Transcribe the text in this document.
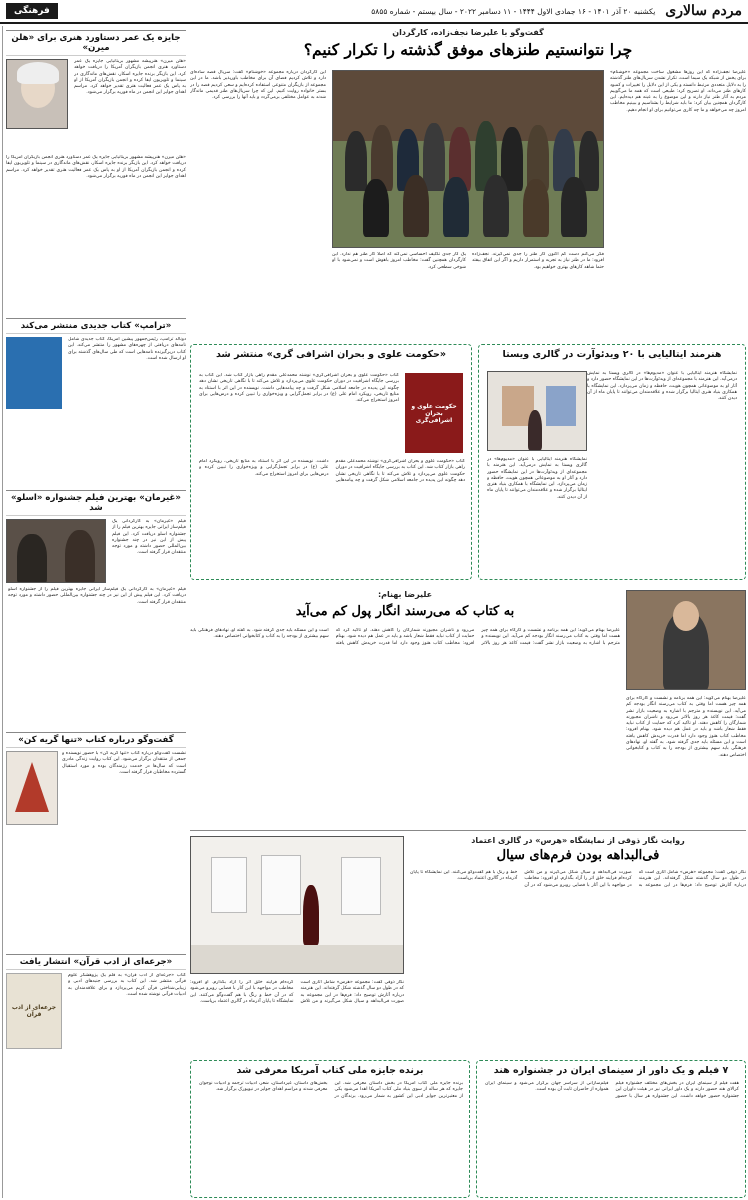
مردم سالاری
یکشنبه ۲۰ آذر ۱۴۰۱ - ۱۶ جمادی الاول ۱۴۴۴ - ۱۱ دسامبر ۲۰۲۲ - سال بیستم - شماره ۵۸۵۵
فرهنگی
گفت‌وگو با علیرضا نجف‌زاده، کارگردان
چرا نتوانستیم طنزهای موفق گذشته را تکرار کنیم؟
علیرضا نجف‌زاده که این روزها مشغول ساخت مجموعه «خوشنام» برای پخش از شبکه یک سیما است، تکرار نشدن سریال‌های طنز گذشته را به دلایل متعددی مرتبط دانسته و یکی از این دلایل را تغییرات و کمبود کارهای طنز می‌داند. او تصریح کرد: طبیعی است که همه ما می‌گوییم مردم به آثار طنز نیاز دارند و این موضوع را به عینه هم دیده‌ایم. این کارگردان همچنین بیان کرد: ما باید شرایط را بشناسیم و ببینیم مخاطب امروز چه می‌خواهد و ما چه کاری می‌توانیم برای او انجام دهیم.
یک کار جدی تکلیف احساسی نمی‌کند که اصلا کار طنز هم ندارد. این کارگردان همچنین گفت: مخاطب امروز باهوش است و نمی‌شود با او شوخی سطحی کرد.
فکر می‌کنم دست کم اکنون کار طنز را جدی نمی‌گیرند. نجف‌زاده افزود: ما در طنز نیاز به تجربه و استمرار داریم و اگر این اتفاق بیفتد حتما شاهد کارهای بهتری خواهیم بود.
این کارگردان درباره مجموعه «خوشنام» گفت: سریال قصه ساده‌ای دارد و تلاش کردیم فضای آن برای مخاطب باورپذیر باشد. ما در این مجموعه از بازیگران متنوعی استفاده کرده‌ایم و سعی کردیم قصه را در بستر خانواده روایت کنیم. این که چرا سریال‌های طنز قدیمی ماندگار شدند به عوامل مختلفی برمی‌گردد و باید آنها را بررسی کرد.
«حکومت علوی و بحران اشرافی گری» منتشر شد
حکومت علوی و بحران اشرافی‌گری
کتاب «حکومت علوی و بحران اشرافی‌گری» نوشته محمدعلی مقدم راهی بازار کتاب شد. این کتاب به بررسی جایگاه اشرافیت در دوران حکومت علوی می‌پردازد و تلاش می‌کند تا با نگاهی تاریخی نشان دهد چگونه این پدیده در جامعه اسلامی شکل گرفت و چه پیامدهایی داشت. نویسنده در این اثر با استناد به منابع تاریخی، رویکرد امام علی (ع) در برابر تجمل‌گرایی و ویژه‌خواری را تبیین کرده و درس‌هایی برای امروز استخراج می‌کند.
کتاب «حکومت علوی و بحران اشرافی‌گری» نوشته محمدعلی مقدم راهی بازار کتاب شد. این کتاب به بررسی جایگاه اشرافیت در دوران حکومت علوی می‌پردازد و تلاش می‌کند تا با نگاهی تاریخی نشان دهد چگونه این پدیده در جامعه اسلامی شکل گرفت و چه پیامدهایی داشت. نویسنده در این اثر با استناد به منابع تاریخی، رویکرد امام علی (ع) در برابر تجمل‌گرایی و ویژه‌خواری را تبیین کرده و درس‌هایی برای امروز استخراج می‌کند.
هنرمند ایتالیایی با ۲۰ ویدئوآرت در گالری ویستا
نمایشگاه هنرمند ایتالیایی با عنوان «مدیوم‌ها» در گالری ویستا به نمایش درمی‌آید. این هنرمند با مجموعه‌ای از ویدئوآرت‌ها در این نمایشگاه حضور دارد و آثار او به موضوعاتی همچون هویت، حافظه و زمان می‌پردازد. این نمایشگاه با همکاری بنیاد هنری ایتالیا برگزار شده و علاقه‌مندان می‌توانند تا پایان ماه از آن دیدن کنند.
نمایشگاه هنرمند ایتالیایی با عنوان «مدیوم‌ها» در گالری ویستا به نمایش درمی‌آید. این هنرمند با مجموعه‌ای از ویدئوآرت‌ها در این نمایشگاه حضور دارد و آثار او به موضوعاتی همچون هویت، حافظه و زمان می‌پردازد. این نمایشگاه با همکاری بنیاد هنری ایتالیا برگزار شده و علاقه‌مندان می‌توانند تا پایان ماه از آن دیدن کنند.
علیرضا بهنام:
به کتاب که می‌رسند انگار پول کم می‌آید
علیرضا بهنام می‌گوید: این همه برنامه و نشست و کارگاه برای همه چیز هست اما وقتی به کتاب می‌رسند انگار بودجه کم می‌آید. این نویسنده و مترجم با اشاره به وضعیت بازار نشر گفت: قیمت کاغذ هر روز بالاتر می‌رود و ناشران مجبورند شمارگان را کاهش دهند. او تاکید کرد که حمایت از کتاب نباید فقط شعار باشد و باید در عمل هم دیده شود. بهنام افزود: مخاطب کتاب هنوز وجود دارد اما قدرت خریدش کاهش یافته است و این مسئله باید جدی گرفته شود. به گفته او، نهادهای فرهنگی باید سهم بیشتری از بودجه را به کتاب و کتابخوانی اختصاص دهند.
علیرضا بهنام می‌گوید: این همه برنامه و نشست و کارگاه برای همه چیز هست اما وقتی به کتاب می‌رسند انگار بودجه کم می‌آید. این نویسنده و مترجم با اشاره به وضعیت بازار نشر گفت: قیمت کاغذ هر روز بالاتر می‌رود و ناشران مجبورند شمارگان را کاهش دهند. او تاکید کرد که حمایت از کتاب نباید فقط شعار باشد و باید در عمل هم دیده شود. بهنام افزود: مخاطب کتاب هنوز وجود دارد اما قدرت خریدش کاهش یافته است و این مسئله باید جدی گرفته شود. به گفته او، نهادهای فرهنگی باید سهم بیشتری از بودجه را به کتاب و کتابخوانی اختصاص دهند.
روایت نگار ذوقی از نمایشگاه «هرس» در گالری اعتماد
فی‌البداهه بودن فرم‌های سیال
نگار ذوقی گفت: مجموعه «هرس» شامل آثاری است که در طول دو سال گذشته شکل گرفته‌اند. این هنرمند درباره آثارش توضیح داد: فرم‌ها در این مجموعه به صورت فی‌البداهه و سیال شکل می‌گیرند و من تلاش کرده‌ام فرایند خلق اثر را آزاد بگذارم. او افزود: مخاطب در مواجهه با این آثار با فضایی روبرو می‌شود که در آن خط و رنگ با هم گفت‌وگو می‌کنند. این نمایشگاه تا پایان آذرماه در گالری اعتماد برپاست.
نگار ذوقی گفت: مجموعه «هرس» شامل آثاری است که در طول دو سال گذشته شکل گرفته‌اند. این هنرمند درباره آثارش توضیح داد: فرم‌ها در این مجموعه به صورت فی‌البداهه و سیال شکل می‌گیرند و من تلاش کرده‌ام فرایند خلق اثر را آزاد بگذارم. او افزود: مخاطب در مواجهه با این آثار با فضایی روبرو می‌شود که در آن خط و رنگ با هم گفت‌وگو می‌کنند. این نمایشگاه تا پایان آذرماه در گالری اعتماد برپاست.
۷ فیلم و یک داور از سینمای ایران در جشنواره هند
هفت فیلم از سینمای ایران در بخش‌های مختلف جشنواره فیلم کرالای هند حضور دارند و یک داور ایرانی نیز در هیئت داوران این جشنواره حضور خواهد داشت. این جشنواره هر سال با حضور فیلم‌سازانی از سراسر جهان برگزار می‌شود و سینمای ایران همواره از حاضران ثابت آن بوده است.
برنده جایزه ملی کتاب آمریکا معرفی شد
برنده جایزه ملی کتاب آمریکا در بخش داستان معرفی شد. این جایزه که هر ساله از سوی بنیاد ملی کتاب آمریکا اهدا می‌شود یکی از معتبرترین جوایز ادبی این کشور به شمار می‌رود. برندگان در بخش‌های داستان، غیرداستان، شعر، ادبیات ترجمه و ادبیات نوجوان معرفی شدند و مراسم اهدای جوایز در نیویورک برگزار شد.
جایزه یک عمر دستاورد هنری برای «هلن میرن»
«هلن میرن» هنرپیشه مشهور بریتانیایی جایزه یک عمر دستاورد هنری انجمن بازیگران آمریکا را دریافت خواهد کرد. این بازیگر برنده جایزه اسکار، نقش‌های ماندگاری در سینما و تلویزیون ایفا کرده و انجمن بازیگران آمریکا از او به پاس یک عمر فعالیت هنری تقدیر خواهد کرد. مراسم اهدای جوایز این انجمن در ماه فوریه برگزار می‌شود.
«هلن میرن» هنرپیشه مشهور بریتانیایی جایزه یک عمر دستاورد هنری انجمن بازیگران آمریکا را دریافت خواهد کرد. این بازیگر برنده جایزه اسکار، نقش‌های ماندگاری در سینما و تلویزیون ایفا کرده و انجمن بازیگران آمریکا از او به پاس یک عمر فعالیت هنری تقدیر خواهد کرد. مراسم اهدای جوایز این انجمن در ماه فوریه برگزار می‌شود.
«ترامپ» کتاب جدیدی منتشر می‌کند
دونالد ترامپ، رئیس‌جمهور پیشین آمریکا، کتاب جدیدی شامل نامه‌های دریافتی از چهره‌های مشهور را منتشر می‌کند. این کتاب دربرگیرنده نامه‌هایی است که طی سال‌های گذشته برای او ارسال شده است.
«غیرمان» بهترین فیلم جشنواره «اسلو» شد
فیلم «غیرمان» به کارگردانی یک فیلم‌ساز ایرانی جایزه بهترین فیلم را از جشنواره اسلو دریافت کرد. این فیلم پیش از این نیز در چند جشنواره بین‌المللی حضور داشته و مورد توجه منتقدان قرار گرفته است.
فیلم «غیرمان» به کارگردانی یک فیلم‌ساز ایرانی جایزه بهترین فیلم را از جشنواره اسلو دریافت کرد. این فیلم پیش از این نیز در چند جشنواره بین‌المللی حضور داشته و مورد توجه منتقدان قرار گرفته است.
گفت‌وگو درباره کتاب «تنها گریه کن»
نشست گفت‌وگو درباره کتاب «تنها گریه کن» با حضور نویسنده و جمعی از منتقدان برگزار می‌شود. این کتاب روایت زندگی مادری است که سال‌ها در خدمت رزمندگان بوده و مورد استقبال گسترده مخاطبان قرار گرفته است.
«جرعه‌ای از ادب قرآن» انتشار یافت
جرعه‌ای از ادب قرآن
کتاب «جرعه‌ای از ادب قرآن» به قلم یک پژوهشگر علوم قرآنی منتشر شد. این کتاب به بررسی جنبه‌های ادبی و زیبایی‌شناختی قرآن کریم می‌پردازد و برای علاقه‌مندان به ادبیات قرآنی نوشته شده است.
